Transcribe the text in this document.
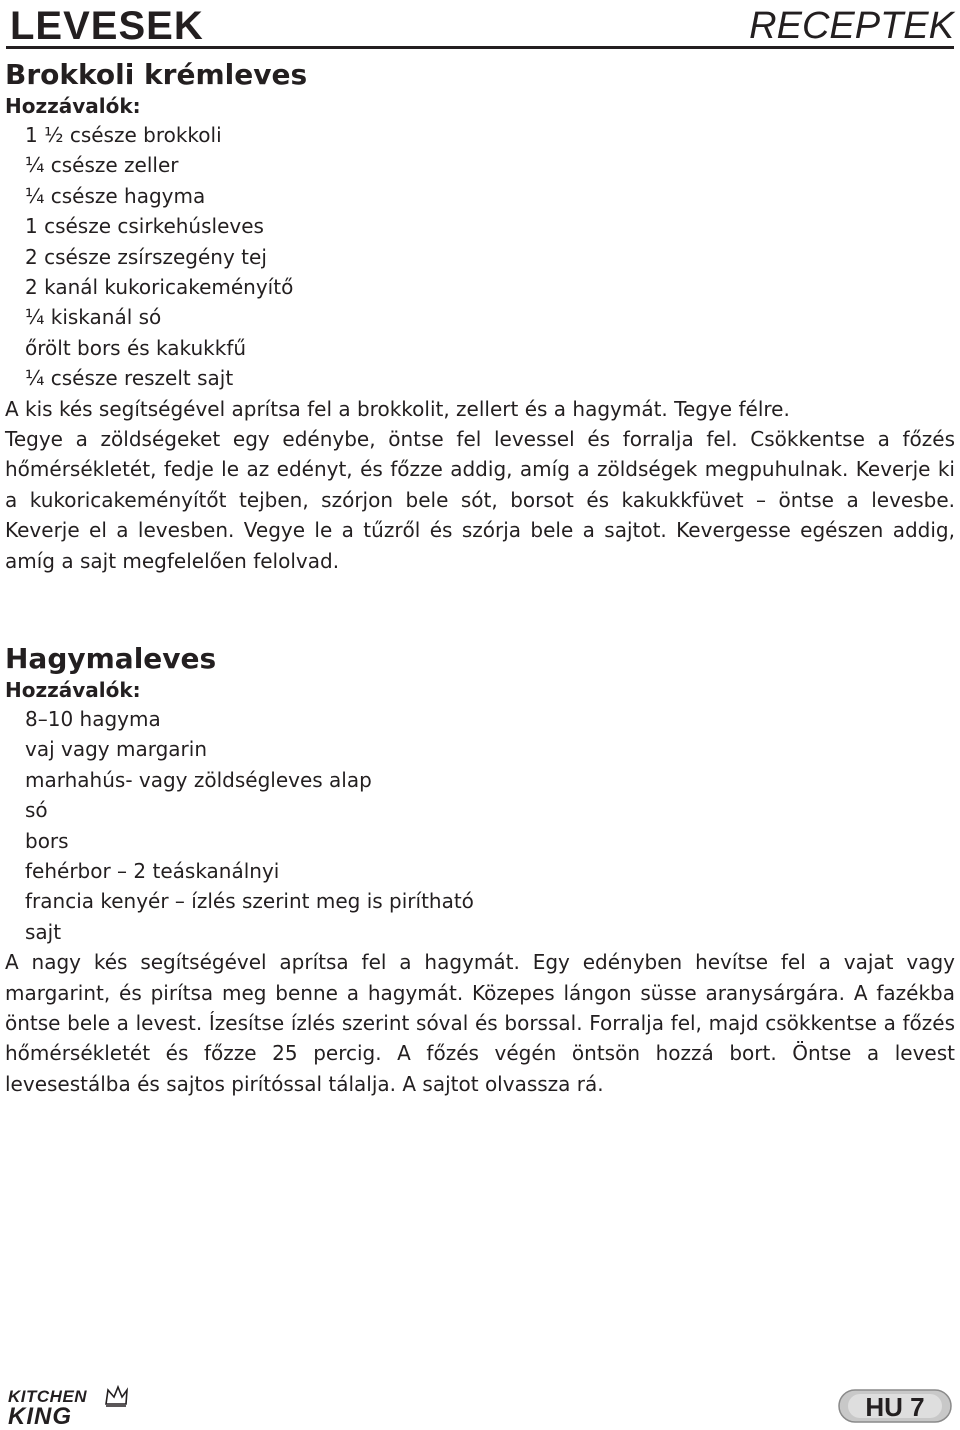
LEVESEK	RECEPTEK
Brokkoli krémleves
Hozzávalók:
1 ½ csésze brokkoli
¼ csésze zeller
¼ csésze hagyma
1 csésze csirkehúsleves
2 csésze zsírszegény tej
2 kanál kukoricakeményítő
¼ kiskanál só
őrölt bors és kakukkfű
¼ csésze reszelt sajt

A kis kés segítségével aprítsa fel a brokkolit, zellert és a hagymát. Tegye félre.

Tegye a zöldségeket egy edénybe, öntse fel levessel és forralja fel. Csökkentse a főzés hőmérsékletét, fedje le az edényt, és főzze addig, amíg a zöldségek megpuhulnak. Keverje ki a kukoricakeményítőt tejben, szórjon bele sót, borsot és kakukkfüvet – öntse a levesbe. Keverje el a levesben. Vegye le a tűzről és szórja bele a sajtot. Kevergesse egészen addig, amíg a sajt megfelelően felolvad.

Hagymaleves
Hozzávalók:
8–10 hagyma
vaj vagy margarin
marhahús- vagy zöldségleves alap
só
bors
fehérbor – 2 teáskanálnyi
francia kenyér – ízlés szerint meg is pirítható
sajt

A nagy kés segítségével aprítsa fel a hagymát. Egy edényben hevítse fel a vajat vagy margarint, és pirítsa meg benne a hagymát. Közepes lángon süsse aranysárgára. A fazékba öntse bele a levest. Ízesítse ízlés szerint sóval és borssal. Forralja fel, majd csökkentse a főzés hőmérsékletét és főzze 25 percig. A főzés végén öntsön hozzá bort. Öntse a levest levesestálba és sajtos pirítóssal tálalja. A sajtot olvassza rá.

KITCHEN
KING	HU 7
